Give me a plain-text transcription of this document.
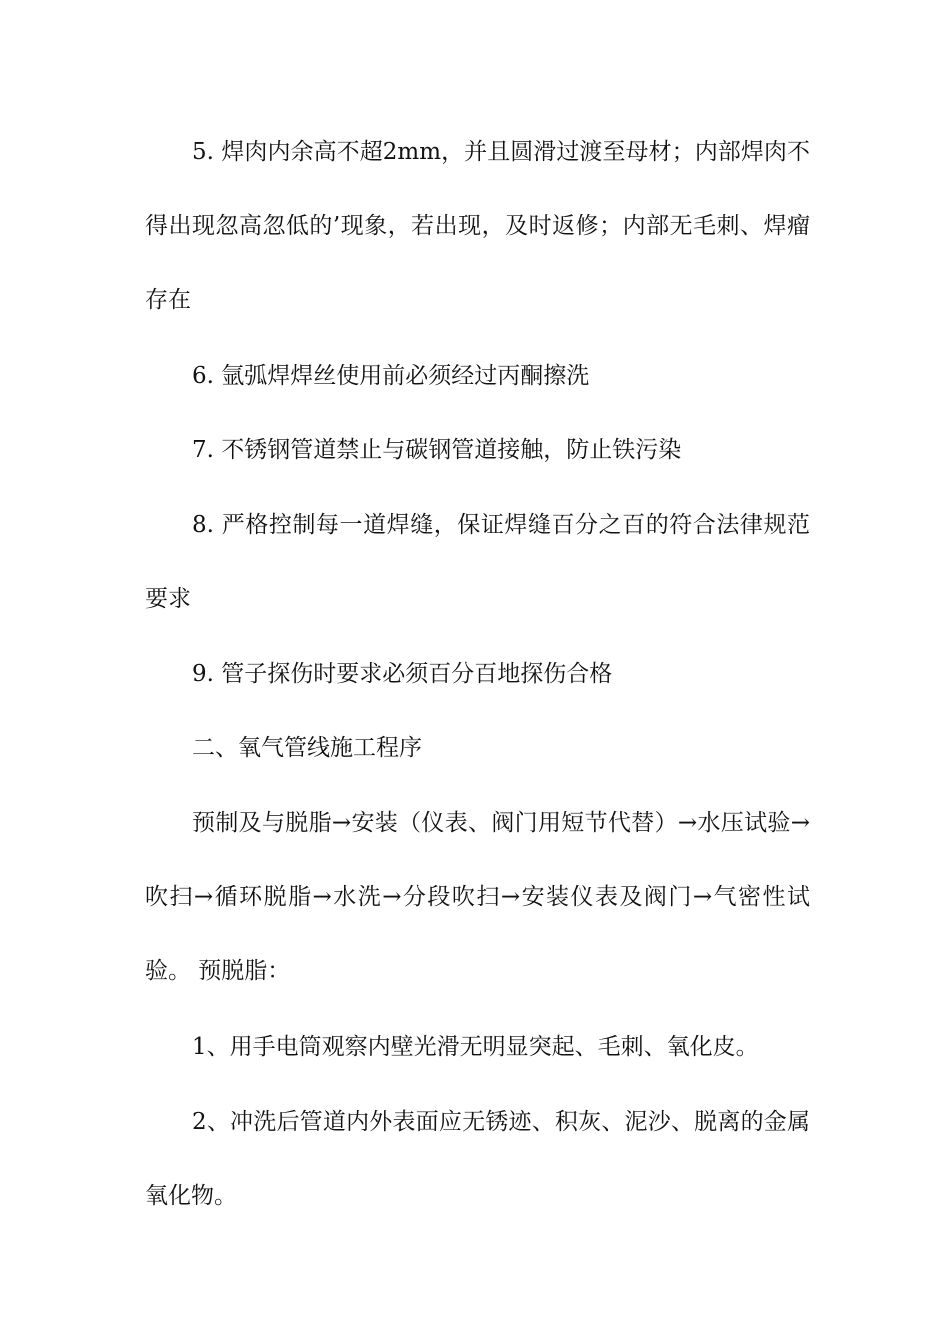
5. 焊肉内余高不超2mm，并且圆滑过渡至母材；内部焊肉不得出现忽高忽低的’现象，若出现，及时返修；内部无毛刺、焊瘤存在

6. 氩弧焊焊丝使用前必须经过丙酮擦洗

7. 不锈钢管道禁止与碳钢管道接触，防止铁污染

8. 严格控制每一道焊缝，保证焊缝百分之百的符合法律规范要求

9. 管子探伤时要求必须百分百地探伤合格

二、氧气管线施工程序

预制及与脱脂→安装（仪表、阀门用短节代替）→水压试验→吹扫→循环脱脂→水洗→分段吹扫→安装仪表及阀门→气密性试验。 预脱脂：

1、用手电筒观察内壁光滑无明显突起、毛刺、氧化皮。

2、冲洗后管道内外表面应无锈迹、积灰、泥沙、脱离的金属氧化物。
